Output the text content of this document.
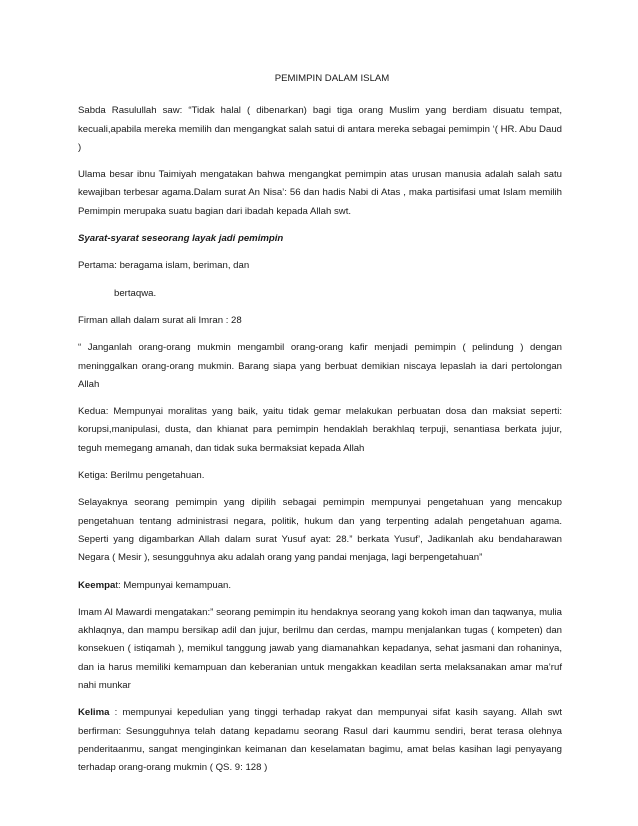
PEMIMPIN DALAM ISLAM

Sabda Rasulullah saw: “Tidak halal ( dibenarkan) bagi tiga orang Muslim yang berdiam disuatu tempat, kecuali,apabila mereka memilih dan mengangkat salah satui di antara mereka sebagai pemimpin ‘( HR. Abu Daud )

Ulama besar ibnu Taimiyah mengatakan bahwa mengangkat pemimpin atas urusan manusia adalah salah satu kewajiban terbesar agama.Dalam surat An Nisa’: 56 dan hadis Nabi di Atas , maka partisifasi umat Islam memilih Pemimpin merupaka suatu bagian dari ibadah kepada Allah swt.

Syarat-syarat seseorang layak jadi pemimpin

Pertama: beragama islam, beriman, dan

bertaqwa.

Firman allah dalam surat ali Imran : 28

“ Janganlah orang-orang mukmin mengambil orang-orang kafir menjadi pemimpin ( pelindung ) dengan meninggalkan orang-orang mukmin. Barang siapa yang berbuat demikian niscaya lepaslah ia dari pertolongan Allah

Kedua: Mempunyai moralitas yang baik, yaitu tidak gemar melakukan perbuatan dosa dan maksiat seperti: korupsi,manipulasi, dusta, dan khianat para pemimpin hendaklah berakhlaq terpuji, senantiasa berkata jujur, teguh memegang amanah, dan tidak suka bermaksiat kepada Allah

Ketiga: Berilmu pengetahuan.

Selayaknya seorang pemimpin yang dipilih sebagai pemimpin mempunyai pengetahuan yang mencakup pengetahuan tentang administrasi negara, politik, hukum dan yang terpenting adalah pengetahuan agama. Seperti yang digambarkan Allah dalam surat Yusuf ayat: 28.” berkata Yusuf’, Jadikanlah aku bendaharawan Negara ( Mesir ), sesungguhnya aku adalah orang yang pandai menjaga, lagi berpengetahuan”

Keempat: Mempunyai kemampuan.

Imam Al Mawardi mengatakan:” seorang pemimpin itu hendaknya seorang yang kokoh iman dan taqwanya, mulia akhlaqnya, dan mampu bersikap adil dan jujur, berilmu dan cerdas, mampu menjalankan tugas ( kompeten) dan konsekuen ( istiqamah ), memikul tanggung jawab yang diamanahkan kepadanya, sehat jasmani dan rohaninya, dan ia harus memiliki kemampuan dan keberanian untuk mengakkan keadilan serta melaksanakan amar ma’ruf nahi munkar

Kelima : mempunyai kepedulian yang tinggi terhadap rakyat dan mempunyai sifat kasih sayang. Allah swt berfirman: Sesungguhnya telah datang kepadamu seorang Rasul dari kaummu sendiri, berat terasa olehnya penderitaanmu, sangat menginginkan keimanan dan keselamatan bagimu, amat belas kasihan lagi penyayang terhadap orang-orang mukmin ( QS. 9: 128 )
